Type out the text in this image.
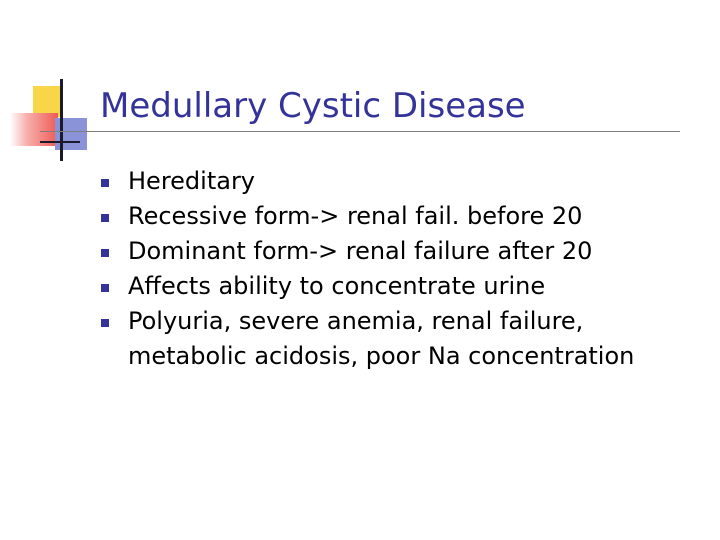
Medullary Cystic Disease
Hereditary
Recessive form-> renal fail. before 20
Dominant form-> renal failure after 20
Affects ability to concentrate urine
Polyuria, severe anemia, renal failure, metabolic acidosis, poor Na concentration
